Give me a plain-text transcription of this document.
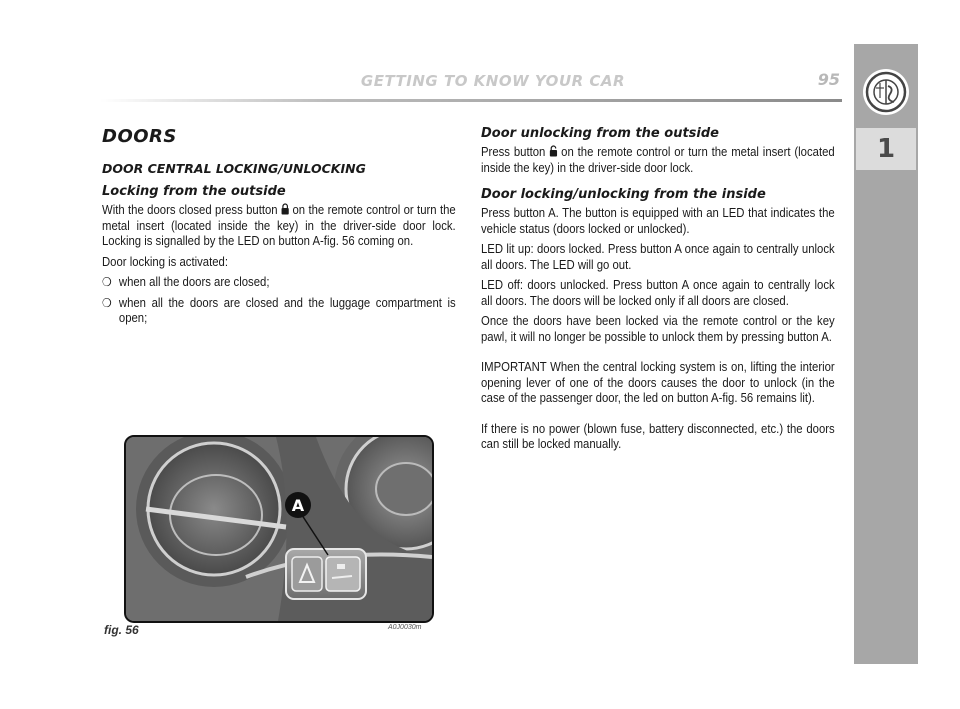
GETTING TO KNOW YOUR CAR	95
1
DOORS
DOOR CENTRAL LOCKING/UNLOCKING
Locking from the outside

With the doors closed press button on the remote control or turn the metal insert (located inside the key) in the driver-side door lock. Locking is signalled by the LED on button A-fig. 56 coming on.

Door locking is activated:

❍ when all the doors are closed;

❍ when all the doors are closed and the luggage compartment is open;

Door unlocking from the outside

Press button on the remote control or turn the metal insert (located inside the key) in the driver-side door lock.

Door locking/unlocking from the inside

Press button A. The button is equipped with an LED that indicates the vehicle status (doors locked or unlocked).

LED lit up: doors locked. Press button A once again to centrally unlock all doors. The LED will go out.

LED off: doors unlocked. Press button A once again to centrally lock all doors. The doors will be locked only if all doors are closed.

Once the doors have been locked via the remote control or the key pawl, it will no longer be possible to unlock them by pressing button A.

IMPORTANT When the central locking system is on, lifting the interior opening lever of one of the doors causes the door to unlock (in the case of the passenger door, the led on button A-fig. 56 remains lit).

If there is no power (blown fuse, battery disconnected, etc.) the doors can still be locked manually.

A
fig. 56	A0J0030m
